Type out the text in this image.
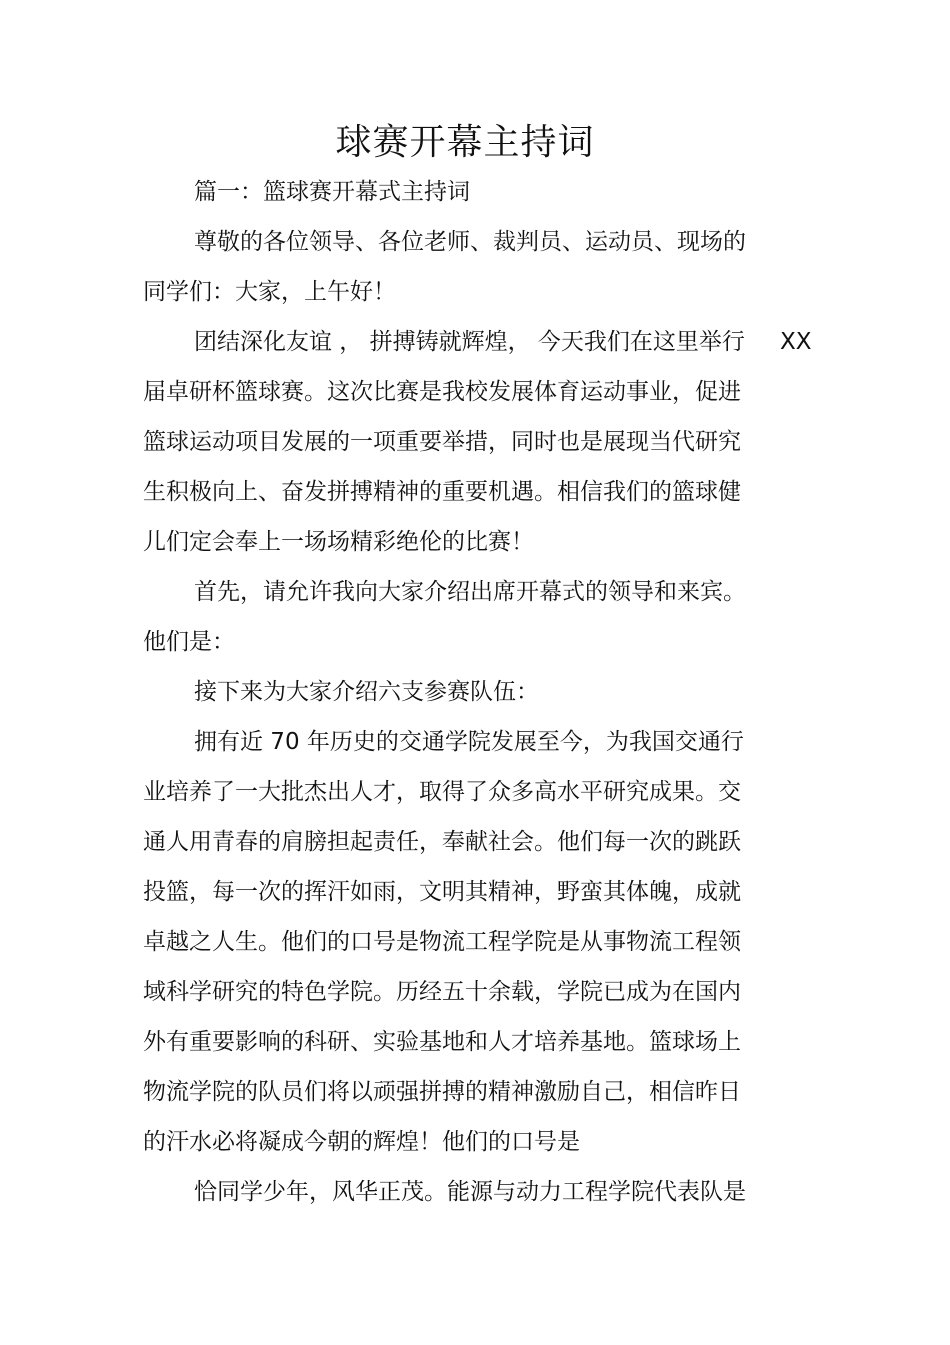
球赛开幕主持词
篇一：篮球赛开幕式主持词
尊敬的各位领导、各位老师、裁判员、运动员、现场的
同学们：大家，上午好！
团结深化友谊 ， 拼搏铸就辉煌， 今天我们在这里举行 XX
届卓研杯篮球赛。这次比赛是我校发展体育运动事业，促进
篮球运动项目发展的一项重要举措，同时也是展现当代研究
生积极向上、奋发拼搏精神的重要机遇。相信我们的篮球健
儿们定会奉上一场场精彩绝伦的比赛！
首先，请允许我向大家介绍出席开幕式的领导和来宾。
他们是：
接下来为大家介绍六支参赛队伍：
拥有近 70 年历史的交通学院发展至今，为我国交通行
业培养了一大批杰出人才，取得了众多高水平研究成果。交
通人用青春的肩膀担起责任，奉献社会。他们每一次的跳跃
投篮，每一次的挥汗如雨，文明其精神，野蛮其体魄，成就
卓越之人生。他们的口号是物流工程学院是从事物流工程领
域科学研究的特色学院。历经五十余载，学院已成为在国内
外有重要影响的科研、实验基地和人才培养基地。篮球场上
物流学院的队员们将以顽强拼搏的精神激励自己，相信昨日
的汗水必将凝成今朝的辉煌！他们的口号是
恰同学少年，风华正茂。能源与动力工程学院代表队是
